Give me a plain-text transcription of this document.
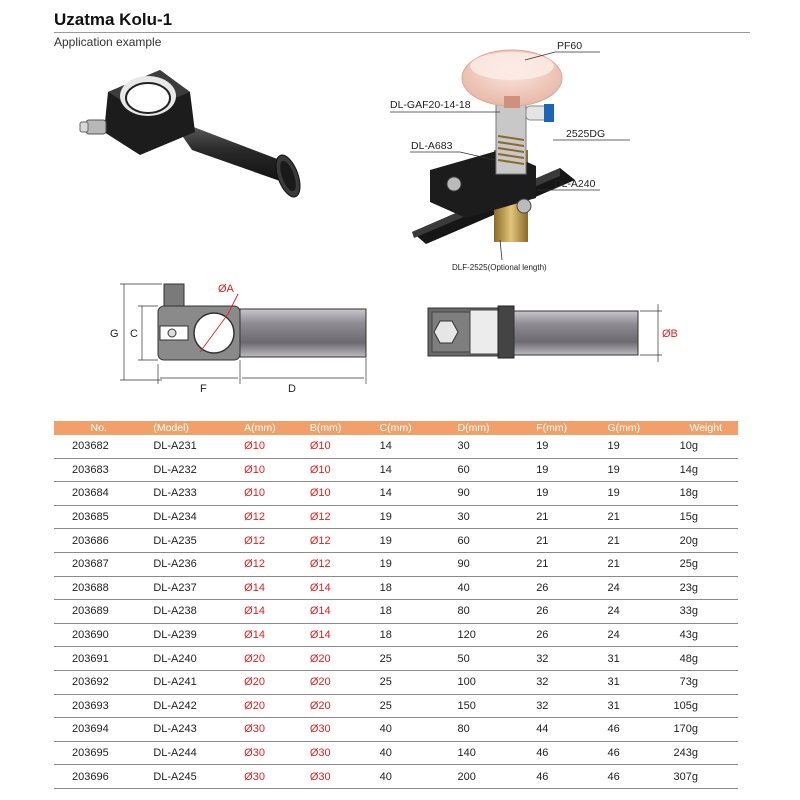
Uzatma Kolu-1
Application example	PF60
DL-GAF20-14-18
2525DG
DL-A683
DL-A240
DLF-2525(Optional length)
G C
F	D
ØA
ØB
No.	(Model)	A(mm)	B(mm)	C(mm)	D(mm)	F(mm)	G(mm)	Weight
203682	DL-A231	Ø10	Ø10	14	30	19	19	10g
203683	DL-A232	Ø10	Ø10	14	60	19	19	14g
203684	DL-A233	Ø10	Ø10	14	90	19	19	18g
203685	DL-A234	Ø12	Ø12	19	30	21	21	15g
203686	DL-A235	Ø12	Ø12	19	60	21	21	20g
203687	DL-A236	Ø12	Ø12	19	90	21	21	25g
203688	DL-A237	Ø14	Ø14	18	40	26	24	23g
203689	DL-A238	Ø14	Ø14	18	80	26	24	33g
203690	DL-A239	Ø14	Ø14	18	120	26	24	43g
203691	DL-A240	Ø20	Ø20	25	50	32	31	48g
203692	DL-A241	Ø20	Ø20	25	100	32	31	73g
203693	DL-A242	Ø20	Ø20	25	150	32	31	105g
203694	DL-A243	Ø30	Ø30	40	80	44	46	170g
203695	DL-A244	Ø30	Ø30	40	140	46	46	243g
203696	DL-A245	Ø30	Ø30	40	200	46	46	307g
